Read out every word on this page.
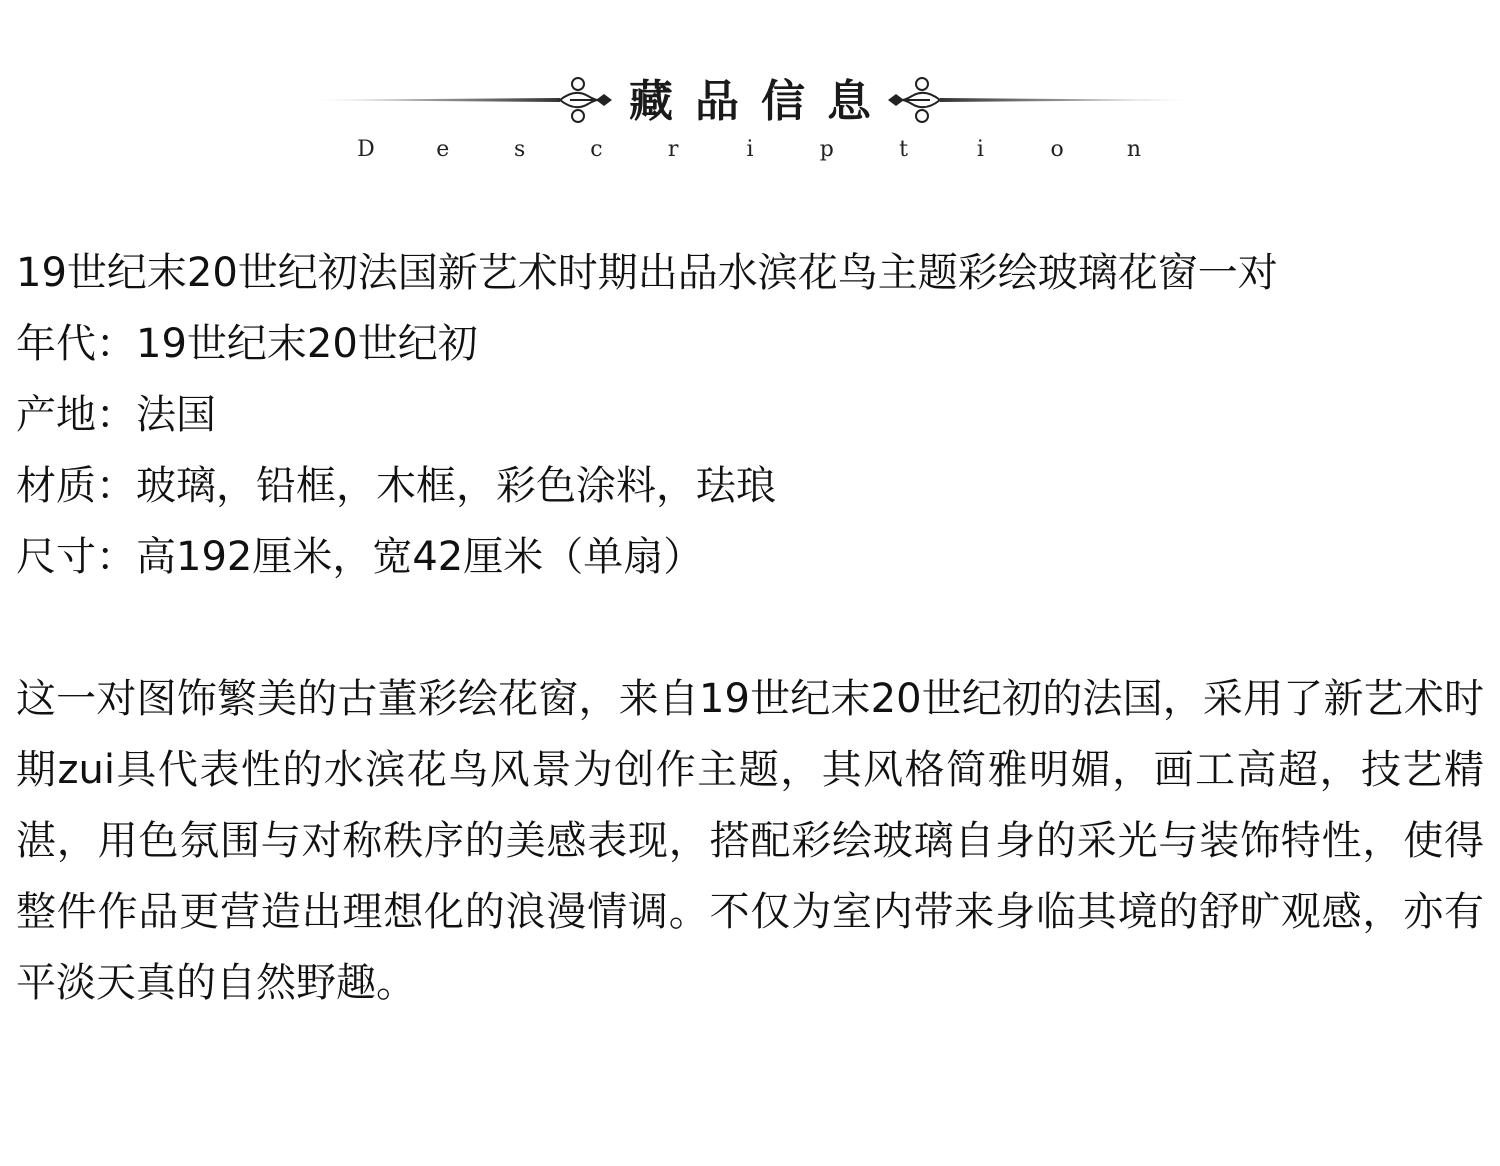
藏品信息
D	e	s	c	r	i	p	t	i	o	n
19世纪末20世纪初法国新艺术时期出品水滨花鸟主题彩绘玻璃花窗一对
年代：19世纪末20世纪初
产地：法国
材质：玻璃，铅框，木框，彩色涂料，珐琅
尺寸：高192厘米，宽42厘米（单扇）

这一对图饰繁美的古董彩绘花窗，来自19世纪末20世纪初的法国，采用了新艺术时期zui具代表性的水滨花鸟风景为创作主题，其风格简雅明媚，画工高超，技艺精湛，用色氛围与对称秩序的美感表现，搭配彩绘玻璃自身的采光与装饰特性，使得整件作品更营造出理想化的浪漫情调。不仅为室内带来身临其境的舒旷观感，亦有平淡天真的自然野趣。
